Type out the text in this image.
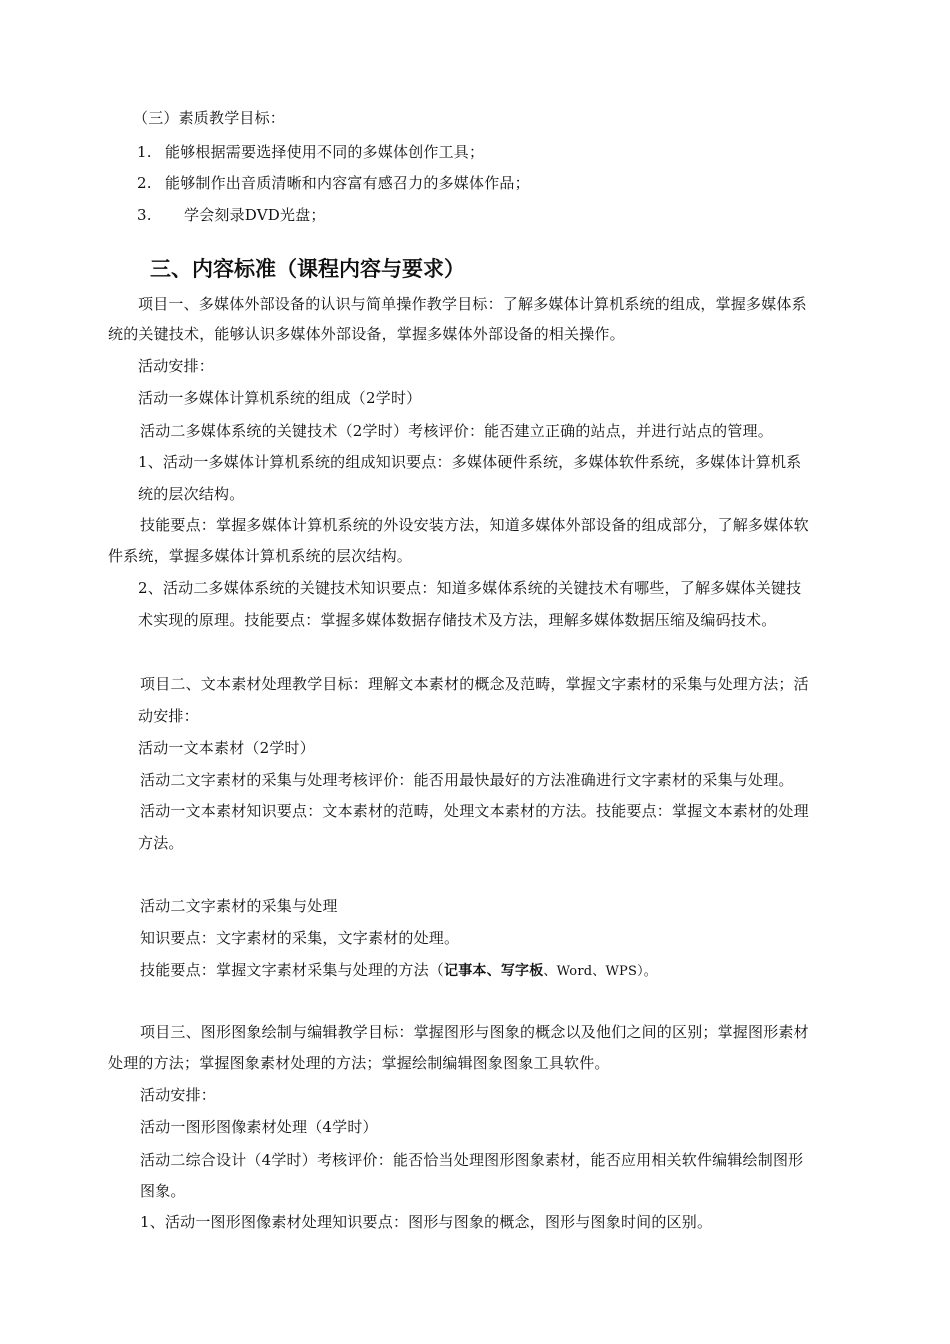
（三）素质教学目标：
1. 能够根据需要选择使用不同的多媒体创作工具；
2. 能够制作出音质清晰和内容富有感召力的多媒体作品；
3. 学会刻录DVD光盘；
三、内容标准（课程内容与要求）
项目一、多媒体外部设备的认识与简单操作教学目标：了解多媒体计算机系统的组成，掌握多媒体系
统的关键技术，能够认识多媒体外部设备，掌握多媒体外部设备的相关操作。
活动安排：
活动一多媒体计算机系统的组成（2学时）
活动二多媒体系统的关键技术（2学时）考核评价：能否建立正确的站点，并进行站点的管理。
1、活动一多媒体计算机系统的组成知识要点：多媒体硬件系统，多媒体软件系统，多媒体计算机系
统的层次结构。
技能要点：掌握多媒体计算机系统的外设安装方法，知道多媒体外部设备的组成部分，了解多媒体软
件系统，掌握多媒体计算机系统的层次结构。
2、活动二多媒体系统的关键技术知识要点：知道多媒体系统的关键技术有哪些，了解多媒体关键技
术实现的原理。技能要点：掌握多媒体数据存储技术及方法，理解多媒体数据压缩及编码技术。
项目二、文本素材处理教学目标：理解文本素材的概念及范畴，掌握文字素材的采集与处理方法；活
动安排：
活动一文本素材（2学时）
活动二文字素材的采集与处理考核评价：能否用最快最好的方法准确进行文字素材的采集与处理。
活动一文本素材知识要点：文本素材的范畴，处理文本素材的方法。技能要点：掌握文本素材的处理
方法。
活动二文字素材的采集与处理
知识要点：文字素材的采集，文字素材的处理。
技能要点：掌握文字素材采集与处理的方法（记事本、写字板、Word、WPS）。
项目三、图形图象绘制与编辑教学目标：掌握图形与图象的概念以及他们之间的区别；掌握图形素材
处理的方法；掌握图象素材处理的方法；掌握绘制编辑图象图象工具软件。
活动安排：
活动一图形图像素材处理（4学时）
活动二综合设计（4学时）考核评价：能否恰当处理图形图象素材，能否应用相关软件编辑绘制图形
图象。
1、活动一图形图像素材处理知识要点：图形与图象的概念，图形与图象时间的区别。
